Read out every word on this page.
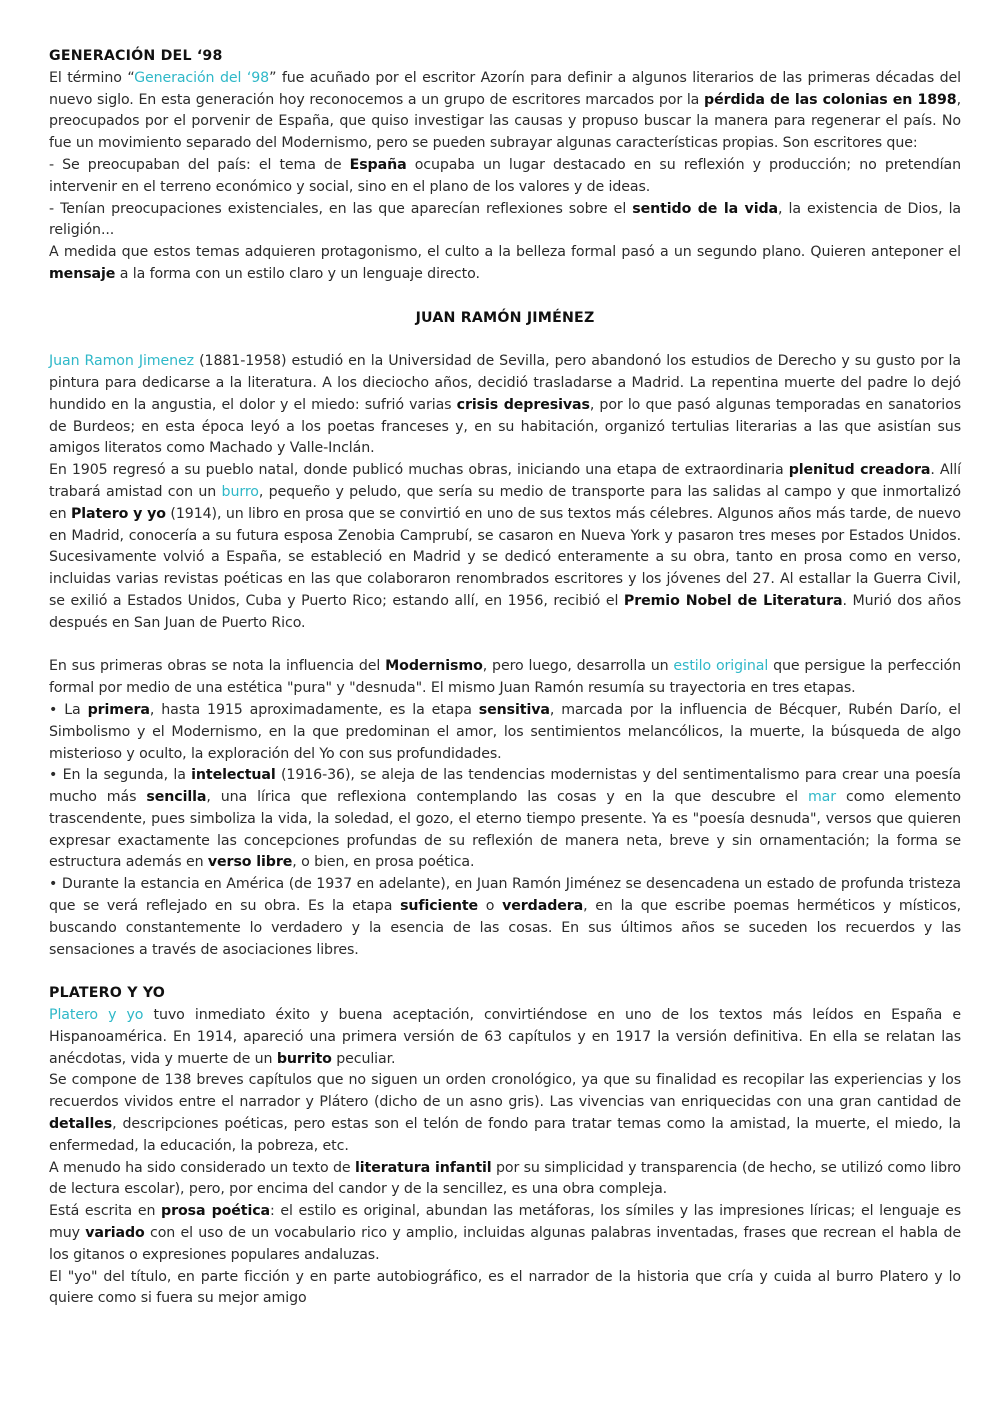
GENERACIÓN DEL ‘98

El término “Generación del ‘98” fue acuñado por el escritor Azorín para definir a algunos literarios de las primeras décadas del nuevo siglo. En esta generación hoy reconocemos a un grupo de escritores marcados por la pérdida de las colonias en 1898, preocupados por el porvenir de España, que quiso investigar las causas y propuso buscar la manera para regenerar el país. No fue un movimiento separado del Modernismo, pero se pueden subrayar algunas características propias. Son escritores que:

- Se preocupaban del país: el tema de España ocupaba un lugar destacado en su reflexión y producción; no pretendían intervenir en el terreno económico y social, sino en el plano de los valores y de ideas.

- Tenían preocupaciones existenciales, en las que aparecían reflexiones sobre el sentido de la vida, la existencia de Dios, la religión...

A medida que estos temas adquieren protagonismo, el culto a la belleza formal pasó a un segundo plano. Quieren anteponer el mensaje a la forma con un estilo claro y un lenguaje directo.

JUAN RAMÓN JIMÉNEZ

Juan Ramon Jimenez (1881-1958) estudió en la Universidad de Sevilla, pero abandonó los estudios de Derecho y su gusto por la pintura para dedicarse a la literatura. A los dieciocho años, decidió trasladarse a Madrid. La repentina muerte del padre lo dejó hundido en la angustia, el dolor y el miedo: sufrió varias crisis depresivas, por lo que pasó algunas temporadas en sanatorios de Burdeos; en esta época leyó a los poetas franceses y, en su habitación, organizó tertulias literarias a las que asistían sus amigos literatos como Machado y Valle-Inclán.

En 1905 regresó a su pueblo natal, donde publicó muchas obras, iniciando una etapa de extraordinaria plenitud creadora. Allí trabará amistad con un burro, pequeño y peludo, que sería su medio de transporte para las salidas al campo y que inmortalizó en Platero y yo (1914), un libro en prosa que se convirtió en uno de sus textos más célebres. Algunos años más tarde, de nuevo en Madrid, conocería a su futura esposa Zenobia Camprubí, se casaron en Nueva York y pasaron tres meses por Estados Unidos. Sucesivamente volvió a España, se estableció en Madrid y se dedicó enteramente a su obra, tanto en prosa como en verso, incluidas varias revistas poéticas en las que colaboraron renombrados escritores y los jóvenes del 27. Al estallar la Guerra Civil, se exilió a Estados Unidos, Cuba y Puerto Rico; estando allí, en 1956, recibió el Premio Nobel de Literatura. Murió dos años después en San Juan de Puerto Rico.

En sus primeras obras se nota la influencia del Modernismo, pero luego, desarrolla un estilo original que persigue la perfección formal por medio de una estética "pura" y "desnuda". El mismo Juan Ramón resumía su trayectoria en tres etapas.

• La primera, hasta 1915 aproximadamente, es la etapa sensitiva, marcada por la influencia de Bécquer, Rubén Darío, el Simbolismo y el Modernismo, en la que predominan el amor, los sentimientos melancólicos, la muerte, la búsqueda de algo misterioso y oculto, la exploración del Yo con sus profundidades.

• En la segunda, la intelectual (1916-36), se aleja de las tendencias modernistas y del sentimentalismo para crear una poesía mucho más sencilla, una lírica que reflexiona contemplando las cosas y en la que descubre el mar como elemento trascendente, pues simboliza la vida, la soledad, el gozo, el eterno tiempo presente. Ya es "poesía desnuda", versos que quieren expresar exactamente las concepciones profundas de su reflexión de manera neta, breve y sin ornamentación; la forma se estructura además en verso libre, o bien, en prosa poética.

• Durante la estancia en América (de 1937 en adelante), en Juan Ramón Jiménez se desencadena un estado de profunda tristeza que se verá reflejado en su obra. Es la etapa suficiente o verdadera, en la que escribe poemas herméticos y místicos, buscando constantemente lo verdadero y la esencia de las cosas. En sus últimos años se suceden los recuerdos y las sensaciones a través de asociaciones libres.

PLATERO Y YO

Platero y yo tuvo inmediato éxito y buena aceptación, convirtiéndose en uno de los textos más leídos en España e Hispanoamérica. En 1914, apareció una primera versión de 63 capítulos y en 1917 la versión definitiva. En ella se relatan las anécdotas, vida y muerte de un burrito peculiar.

Se compone de 138 breves capítulos que no siguen un orden cronológico, ya que su finalidad es recopilar las experiencias y los recuerdos vividos entre el narrador y Plátero (dicho de un asno gris). Las vivencias van enriquecidas con una gran cantidad de detalles, descripciones poéticas, pero estas son el telón de fondo para tratar temas como la amistad, la muerte, el miedo, la enfermedad, la educación, la pobreza, etc.

A menudo ha sido considerado un texto de literatura infantil por su simplicidad y transparencia (de hecho, se utilizó como libro de lectura escolar), pero, por encima del candor y de la sencillez, es una obra compleja.

Está escrita en prosa poética: el estilo es original, abundan las metáforas, los símiles y las impresiones líricas; el lenguaje es muy variado con el uso de un vocabulario rico y amplio, incluidas algunas palabras inventadas, frases que recrean el habla de los gitanos o expresiones populares andaluzas.

El "yo" del título, en parte ficción y en parte autobiográfico, es el narrador de la historia que cría y cuida al burro Platero y lo quiere como si fuera su mejor amigo
